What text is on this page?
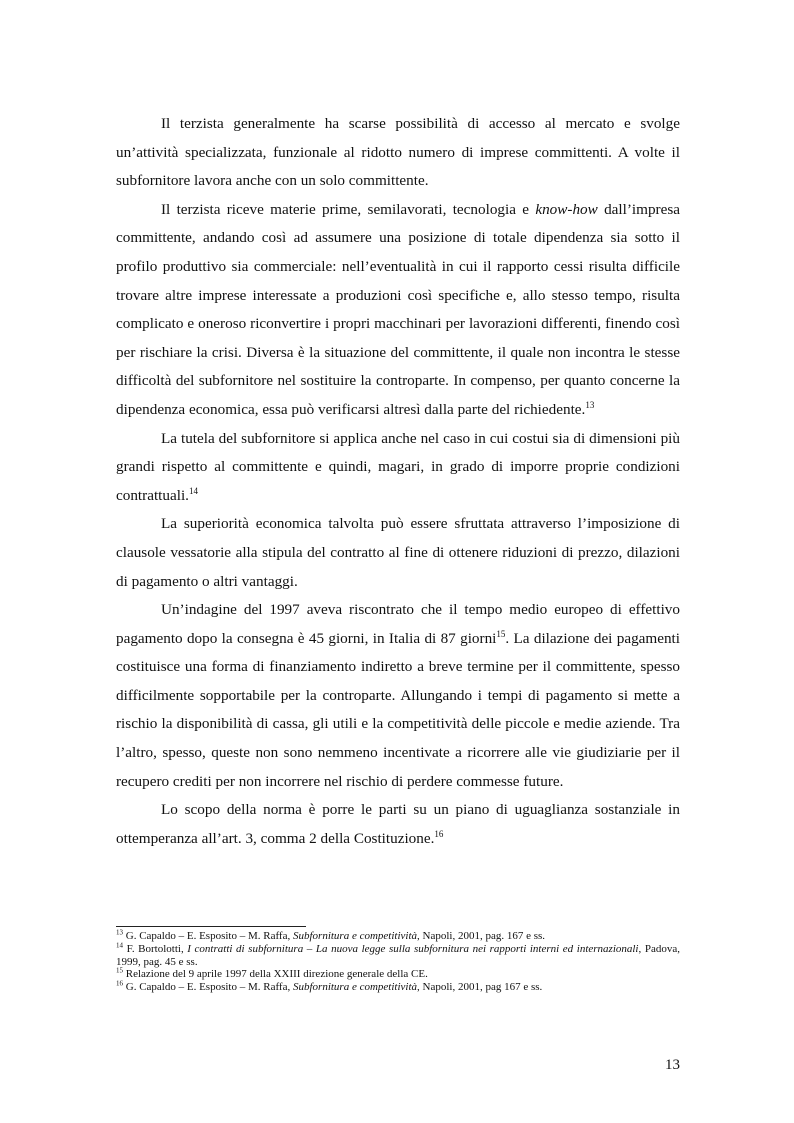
Il terzista generalmente ha scarse possibilità di accesso al mercato e svolge un’attività specializzata, funzionale al ridotto numero di imprese committenti. A volte il subfornitore lavora anche con un solo committente.

Il terzista riceve materie prime, semilavorati, tecnologia e know-how dall’impresa committente, andando così ad assumere una posizione di totale dipendenza sia sotto il profilo produttivo sia commerciale: nell’eventualità in cui il rapporto cessi risulta difficile trovare altre imprese interessate a produzioni così specifiche e, allo stesso tempo, risulta complicato e oneroso riconvertire i propri macchinari per lavorazioni differenti, finendo così per rischiare la crisi. Diversa è la situazione del committente, il quale non incontra le stesse difficoltà del subfornitore nel sostituire la controparte. In compenso, per quanto concerne la dipendenza economica, essa può verificarsi altresì dalla parte del richiedente.$^{13}$

La tutela del subfornitore si applica anche nel caso in cui costui sia di dimensioni più grandi rispetto al committente e quindi, magari, in grado di imporre proprie condizioni contrattuali.$^{14}$

La superiorità economica talvolta può essere sfruttata attraverso l’imposizione di clausole vessatorie alla stipula del contratto al fine di ottenere riduzioni di prezzo, dilazioni di pagamento o altri vantaggi.

Un’indagine del 1997 aveva riscontrato che il tempo medio europeo di effettivo pagamento dopo la consegna è 45 giorni, in Italia di 87 giorni$^{15}$. La dilazione dei pagamenti costituisce una forma di finanziamento indiretto a breve termine per il committente, spesso difficilmente sopportabile per la controparte. Allungando i tempi di pagamento si mette a rischio la disponibilità di cassa, gli utili e la competitività delle piccole e medie aziende. Tra l’altro, spesso, queste non sono nemmeno incentivate a ricorrere alle vie giudiziarie per il recupero crediti per non incorrere nel rischio di perdere commesse future.

Lo scopo della norma è porre le parti su un piano di uguaglianza sostanziale in ottemperanza all’art. 3, comma 2 della Costituzione.$^{16}$

$^{13}$ G. Capaldo – E. Esposito – M. Raffa, Subfornitura e competitività, Napoli, 2001, pag. 167 e ss.

$^{14}$ F. Bortolotti, I contratti di subfornitura – La nuova legge sulla subfornitura nei rapporti interni ed internazionali, Padova, 1999, pag. 45 e ss.

$^{15}$ Relazione del 9 aprile 1997 della XXIII direzione generale della CE.

$^{16}$ G. Capaldo – E. Esposito – M. Raffa, Subfornitura e competitività, Napoli, 2001, pag 167 e ss.

13
